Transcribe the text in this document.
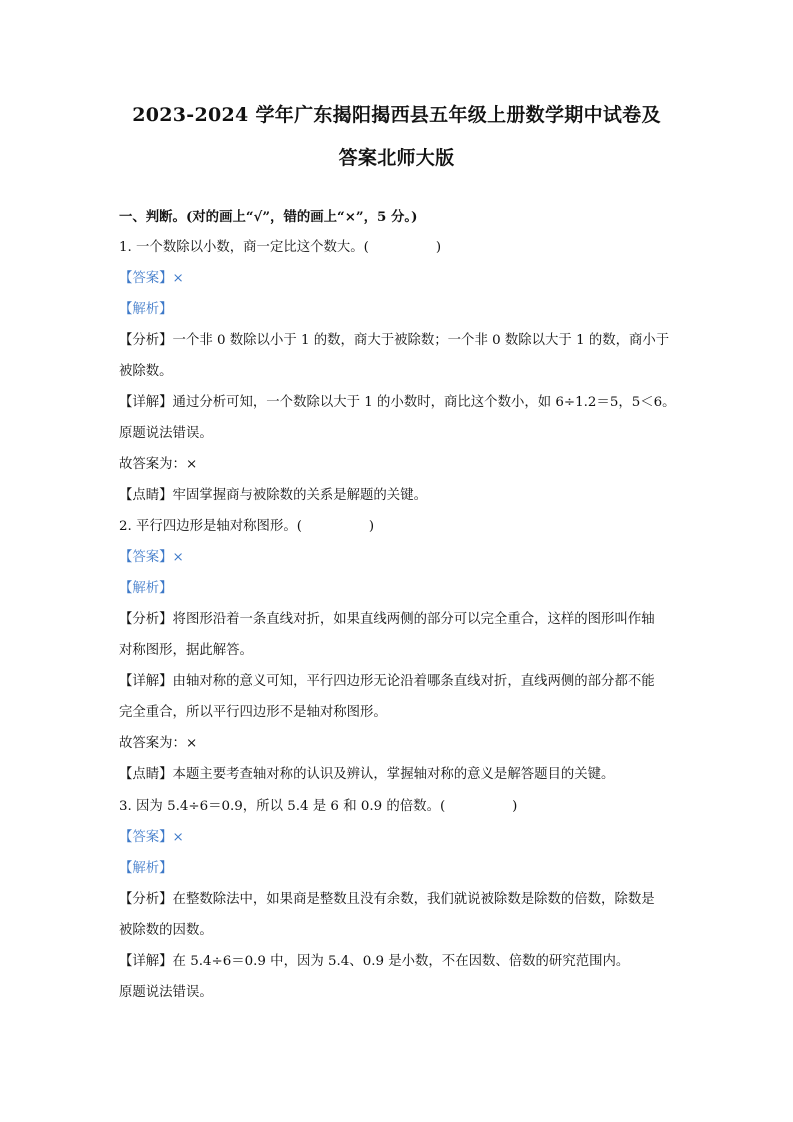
2023-2024 学年广东揭阳揭西县五年级上册数学期中试卷及
答案北师大版
一、判断。(对的画上“√”，错的画上“×”，5 分。)
1. 一个数除以小数，商一定比这个数大。(　　　　　)
【答案】×
【解析】
【分析】一个非 0 数除以小于 1 的数，商大于被除数；一个非 0 数除以大于 1 的数，商小于
被除数。
【详解】通过分析可知，一个数除以大于 1 的小数时，商比这个数小，如 6÷1.2＝5，5＜6。
原题说法错误。
故答案为：×
【点睛】牢固掌握商与被除数的关系是解题的关键。
2. 平行四边形是轴对称图形。(　　　　　)
【答案】×
【解析】
【分析】将图形沿着一条直线对折，如果直线两侧的部分可以完全重合，这样的图形叫作轴
对称图形，据此解答。
【详解】由轴对称的意义可知，平行四边形无论沿着哪条直线对折，直线两侧的部分都不能
完全重合，所以平行四边形不是轴对称图形。
故答案为：×
【点睛】本题主要考查轴对称的认识及辨认，掌握轴对称的意义是解答题目的关键。
3. 因为 5.4÷6＝0.9，所以 5.4 是 6 和 0.9 的倍数。(　　　　　)
【答案】×
【解析】
【分析】在整数除法中，如果商是整数且没有余数，我们就说被除数是除数的倍数，除数是
被除数的因数。
【详解】在 5.4÷6＝0.9 中，因为 5.4、0.9 是小数，不在因数、倍数的研究范围内。
原题说法错误。
